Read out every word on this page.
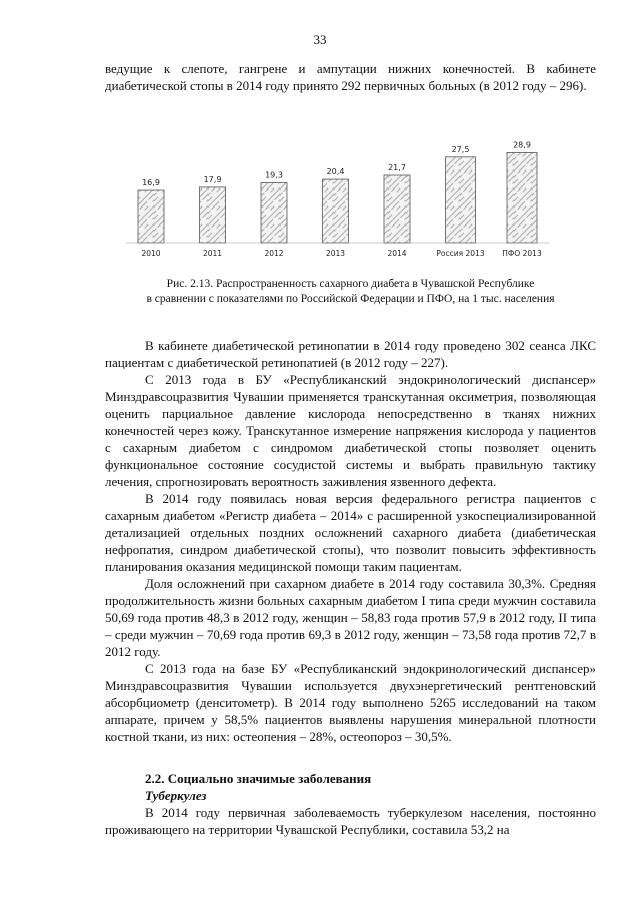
33

ведущие к слепоте, гангрене и ампутации нижних конечностей. В кабинете диабетической стопы в 2014 году принято 292 первичных больных (в 2012 году – 296).

16,9
2010
17,9
2011
19,3
2012
20,4
2013
21,7
2014
27,5
Россия 2013
28,9
ПФО 2013
Рис. 2.13. Распространенность сахарного диабета в Чувашской Республике
в сравнении с показателями по Российской Федерации и ПФО, на 1 тыс. населения

В кабинете диабетической ретинопатии в 2014 году проведено 302 сеанса ЛКС пациентам с диабетической ретинопатией (в 2012 году – 227).

С 2013 года в БУ «Республиканский эндокринологический диспансер» Минздравсоцразвития Чувашии применяется транскутанная оксиметрия, позволяющая оценить парциальное давление кислорода непосредственно в тканях нижних конечностей через кожу. Транскутанное измерение напряжения кислорода у пациентов с сахарным диабетом с синдромом диабетической стопы позволяет оценить функциональное состояние сосудистой системы и выбрать правильную тактику лечения, спрогнозировать вероятность заживления язвенного дефекта.

В 2014 году появилась новая версия федерального регистра пациентов с сахарным диабетом «Регистр диабета – 2014» с расширенной узкоспециализированной детализацией отдельных поздних осложнений сахарного диабета (диабетическая нефропатия, синдром диабетической стопы), что позволит повысить эффективность планирования оказания медицинской помощи таким пациентам.

Доля осложнений при сахарном диабете в 2014 году составила 30,3%. Средняя продолжительность жизни больных сахарным диабетом I типа среди мужчин составила 50,69 года против 48,3 в 2012 году, женщин – 58,83 года против 57,9 в 2012 году, II типа – среди мужчин – 70,69 года против 69,3 в 2012 году, женщин – 73,58 года против 72,7 в 2012 году.

С 2013 года на базе БУ «Республиканский эндокринологический диспансер» Минздравсоцразвития Чувашии используется двухэнергетический рентгеновский абсорбциометр (денситометр). В 2014 году выполнено 5265 исследований на таком аппарате, причем у 58,5% пациентов выявлены нарушения минеральной плотности костной ткани, из них: остеопения – 28%, остеопороз – 30,5%.

2.2. Социально значимые заболевания

Туберкулез

В 2014 году первичная заболеваемость туберкулезом населения, постоянно проживающего на территории Чувашской Республики, составила 53,2 на
